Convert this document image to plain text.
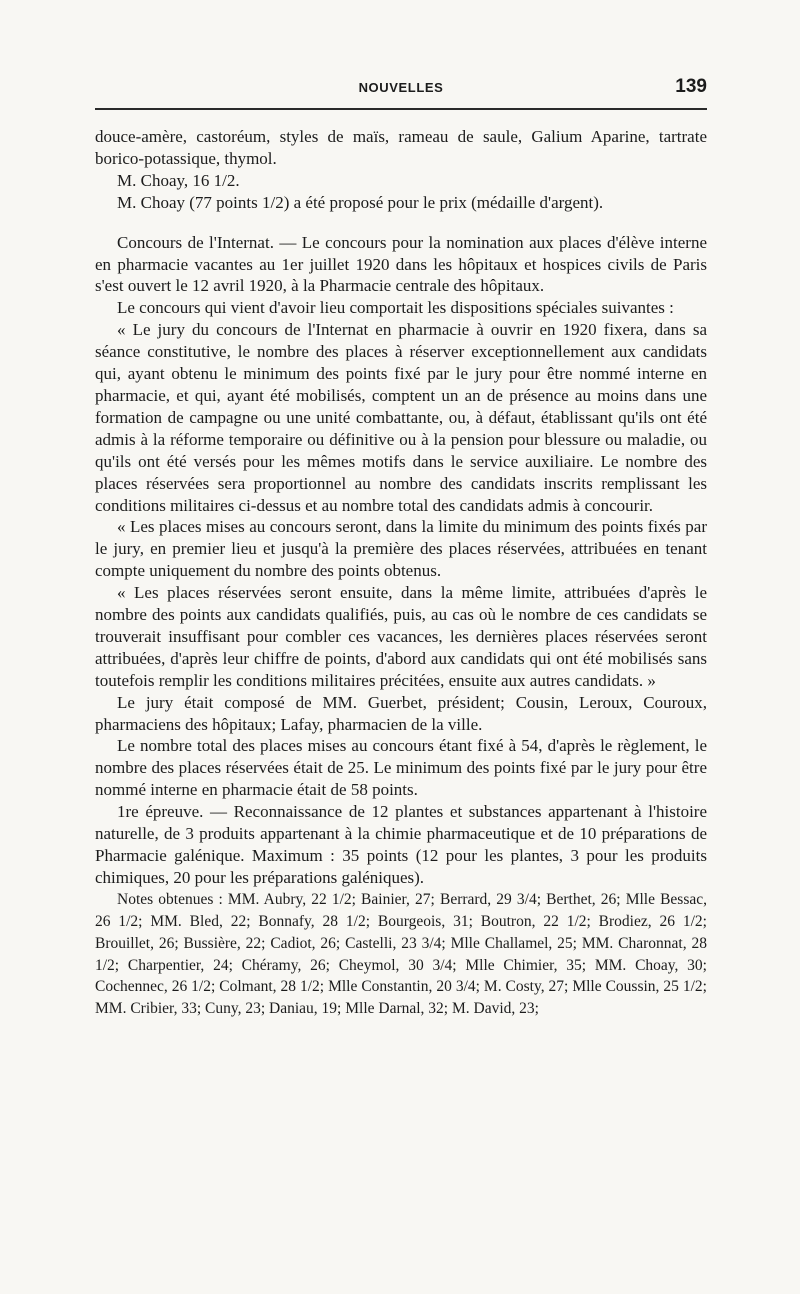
NOUVELLES	139

douce-amère, castoréum, styles de maïs, rameau de saule, Galium Aparine, tartrate borico-potassique, thymol.

M. Choay, 16 1/2.

M. Choay (77 points 1/2) a été proposé pour le prix (médaille d'argent).

Concours de l'Internat. — Le concours pour la nomination aux places d'élève interne en pharmacie vacantes au 1er juillet 1920 dans les hôpitaux et hospices civils de Paris s'est ouvert le 12 avril 1920, à la Pharmacie centrale des hôpitaux.

Le concours qui vient d'avoir lieu comportait les dispositions spéciales suivantes :

« Le jury du concours de l'Internat en pharmacie à ouvrir en 1920 fixera, dans sa séance constitutive, le nombre des places à réserver exceptionnellement aux candidats qui, ayant obtenu le minimum des points fixé par le jury pour être nommé interne en pharmacie, et qui, ayant été mobilisés, comptent un an de présence au moins dans une formation de campagne ou une unité combattante, ou, à défaut, établissant qu'ils ont été admis à la réforme temporaire ou définitive ou à la pension pour blessure ou maladie, ou qu'ils ont été versés pour les mêmes motifs dans le service auxiliaire. Le nombre des places réservées sera proportionnel au nombre des candidats inscrits remplissant les conditions militaires ci-dessus et au nombre total des candidats admis à concourir.

« Les places mises au concours seront, dans la limite du minimum des points fixés par le jury, en premier lieu et jusqu'à la première des places réservées, attribuées en tenant compte uniquement du nombre des points obtenus.

« Les places réservées seront ensuite, dans la même limite, attribuées d'après le nombre des points aux candidats qualifiés, puis, au cas où le nombre de ces candidats se trouverait insuffisant pour combler ces vacances, les dernières places réservées seront attribuées, d'après leur chiffre de points, d'abord aux candidats qui ont été mobilisés sans toutefois remplir les conditions militaires précitées, ensuite aux autres candidats. »

Le jury était composé de MM. Guerbet, président; Cousin, Leroux, Couroux, pharmaciens des hôpitaux; Lafay, pharmacien de la ville.

Le nombre total des places mises au concours étant fixé à 54, d'après le règlement, le nombre des places réservées était de 25. Le minimum des points fixé par le jury pour être nommé interne en pharmacie était de 58 points.

1re épreuve. — Reconnaissance de 12 plantes et substances appartenant à l'histoire naturelle, de 3 produits appartenant à la chimie pharmaceutique et de 10 préparations de Pharmacie galénique. Maximum : 35 points (12 pour les plantes, 3 pour les produits chimiques, 20 pour les préparations galéniques).

Notes obtenues : MM. Aubry, 22 1/2; Bainier, 27; Berrard, 29 3/4; Berthet, 26; Mlle Bessac, 26 1/2; MM. Bled, 22; Bonnafy, 28 1/2; Bourgeois, 31; Boutron, 22 1/2; Brodiez, 26 1/2; Brouillet, 26; Bussière, 22; Cadiot, 26; Castelli, 23 3/4; Mlle Challamel, 25; MM. Charonnat, 28 1/2; Charpentier, 24; Chéramy, 26; Cheymol, 30 3/4; Mlle Chimier, 35; MM. Choay, 30; Cochennec, 26 1/2; Colmant, 28 1/2; Mlle Constantin, 20 3/4; M. Costy, 27; Mlle Coussin, 25 1/2; MM. Cribier, 33; Cuny, 23; Daniau, 19; Mlle Darnal, 32; M. David, 23;
